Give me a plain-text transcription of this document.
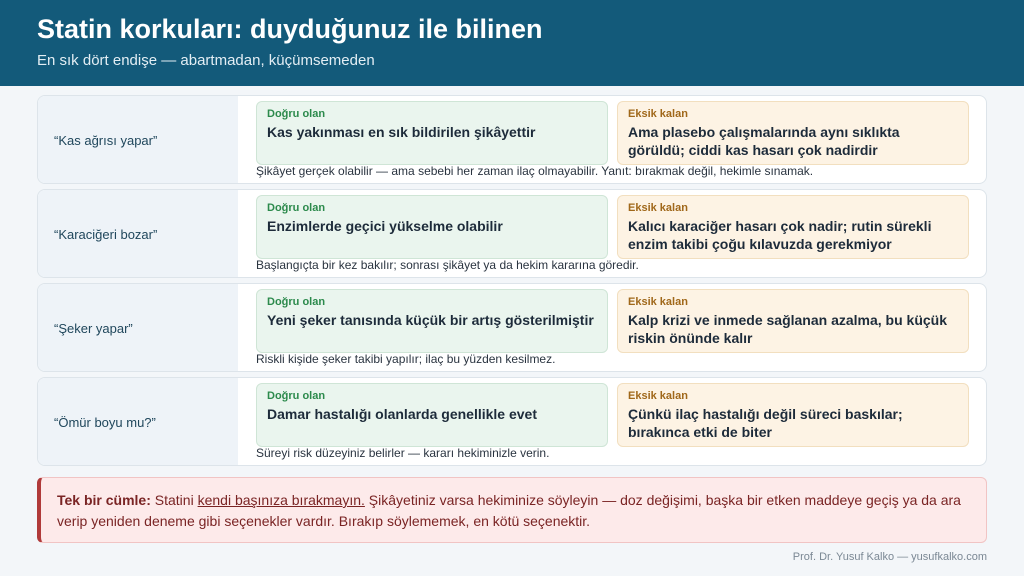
Statin korkuları: duyduğunuz ile bilinen
En sık dört endişe — abartmadan, küçümsemeden
“Kas ağrısı yapar”
Doğru olan
Kas yakınması en sık bildirilen şikâyettir
Eksik kalan
Ama plasebo çalışmalarında aynı sıklıkta görüldü; ciddi kas hasarı çok nadirdir
Şikâyet gerçek olabilir — ama sebebi her zaman ilaç olmayabilir. Yanıt: bırakmak değil, hekimle sınamak.
“Karaciğeri bozar”
Doğru olan
Enzimlerde geçici yükselme olabilir
Eksik kalan
Kalıcı karaciğer hasarı çok nadir; rutin sürekli enzim takibi çoğu kılavuzda gerekmiyor
Başlangıçta bir kez bakılır; sonrası şikâyet ya da hekim kararına göredir.
“Şeker yapar”
Doğru olan
Yeni şeker tanısında küçük bir artış gösterilmiştir
Eksik kalan
Kalp krizi ve inmede sağlanan azalma, bu küçük riskin önünde kalır
Riskli kişide şeker takibi yapılır; ilaç bu yüzden kesilmez.
“Ömür boyu mu?”
Doğru olan
Damar hastalığı olanlarda genellikle evet
Eksik kalan
Çünkü ilaç hastalığı değil süreci baskılar; bırakınca etki de biter
Süreyi risk düzeyiniz belirler — kararı hekiminizle verin.
Tek bir cümle: Statini kendi başınıza bırakmayın. Şikâyetiniz varsa hekiminize söyleyin — doz değişimi, başka bir etken maddeye geçiş ya da ara verip yeniden deneme gibi seçenekler vardır. Bırakıp söylememek, en kötü seçenektir.
Prof. Dr. Yusuf Kalko — yusufkalko.com
